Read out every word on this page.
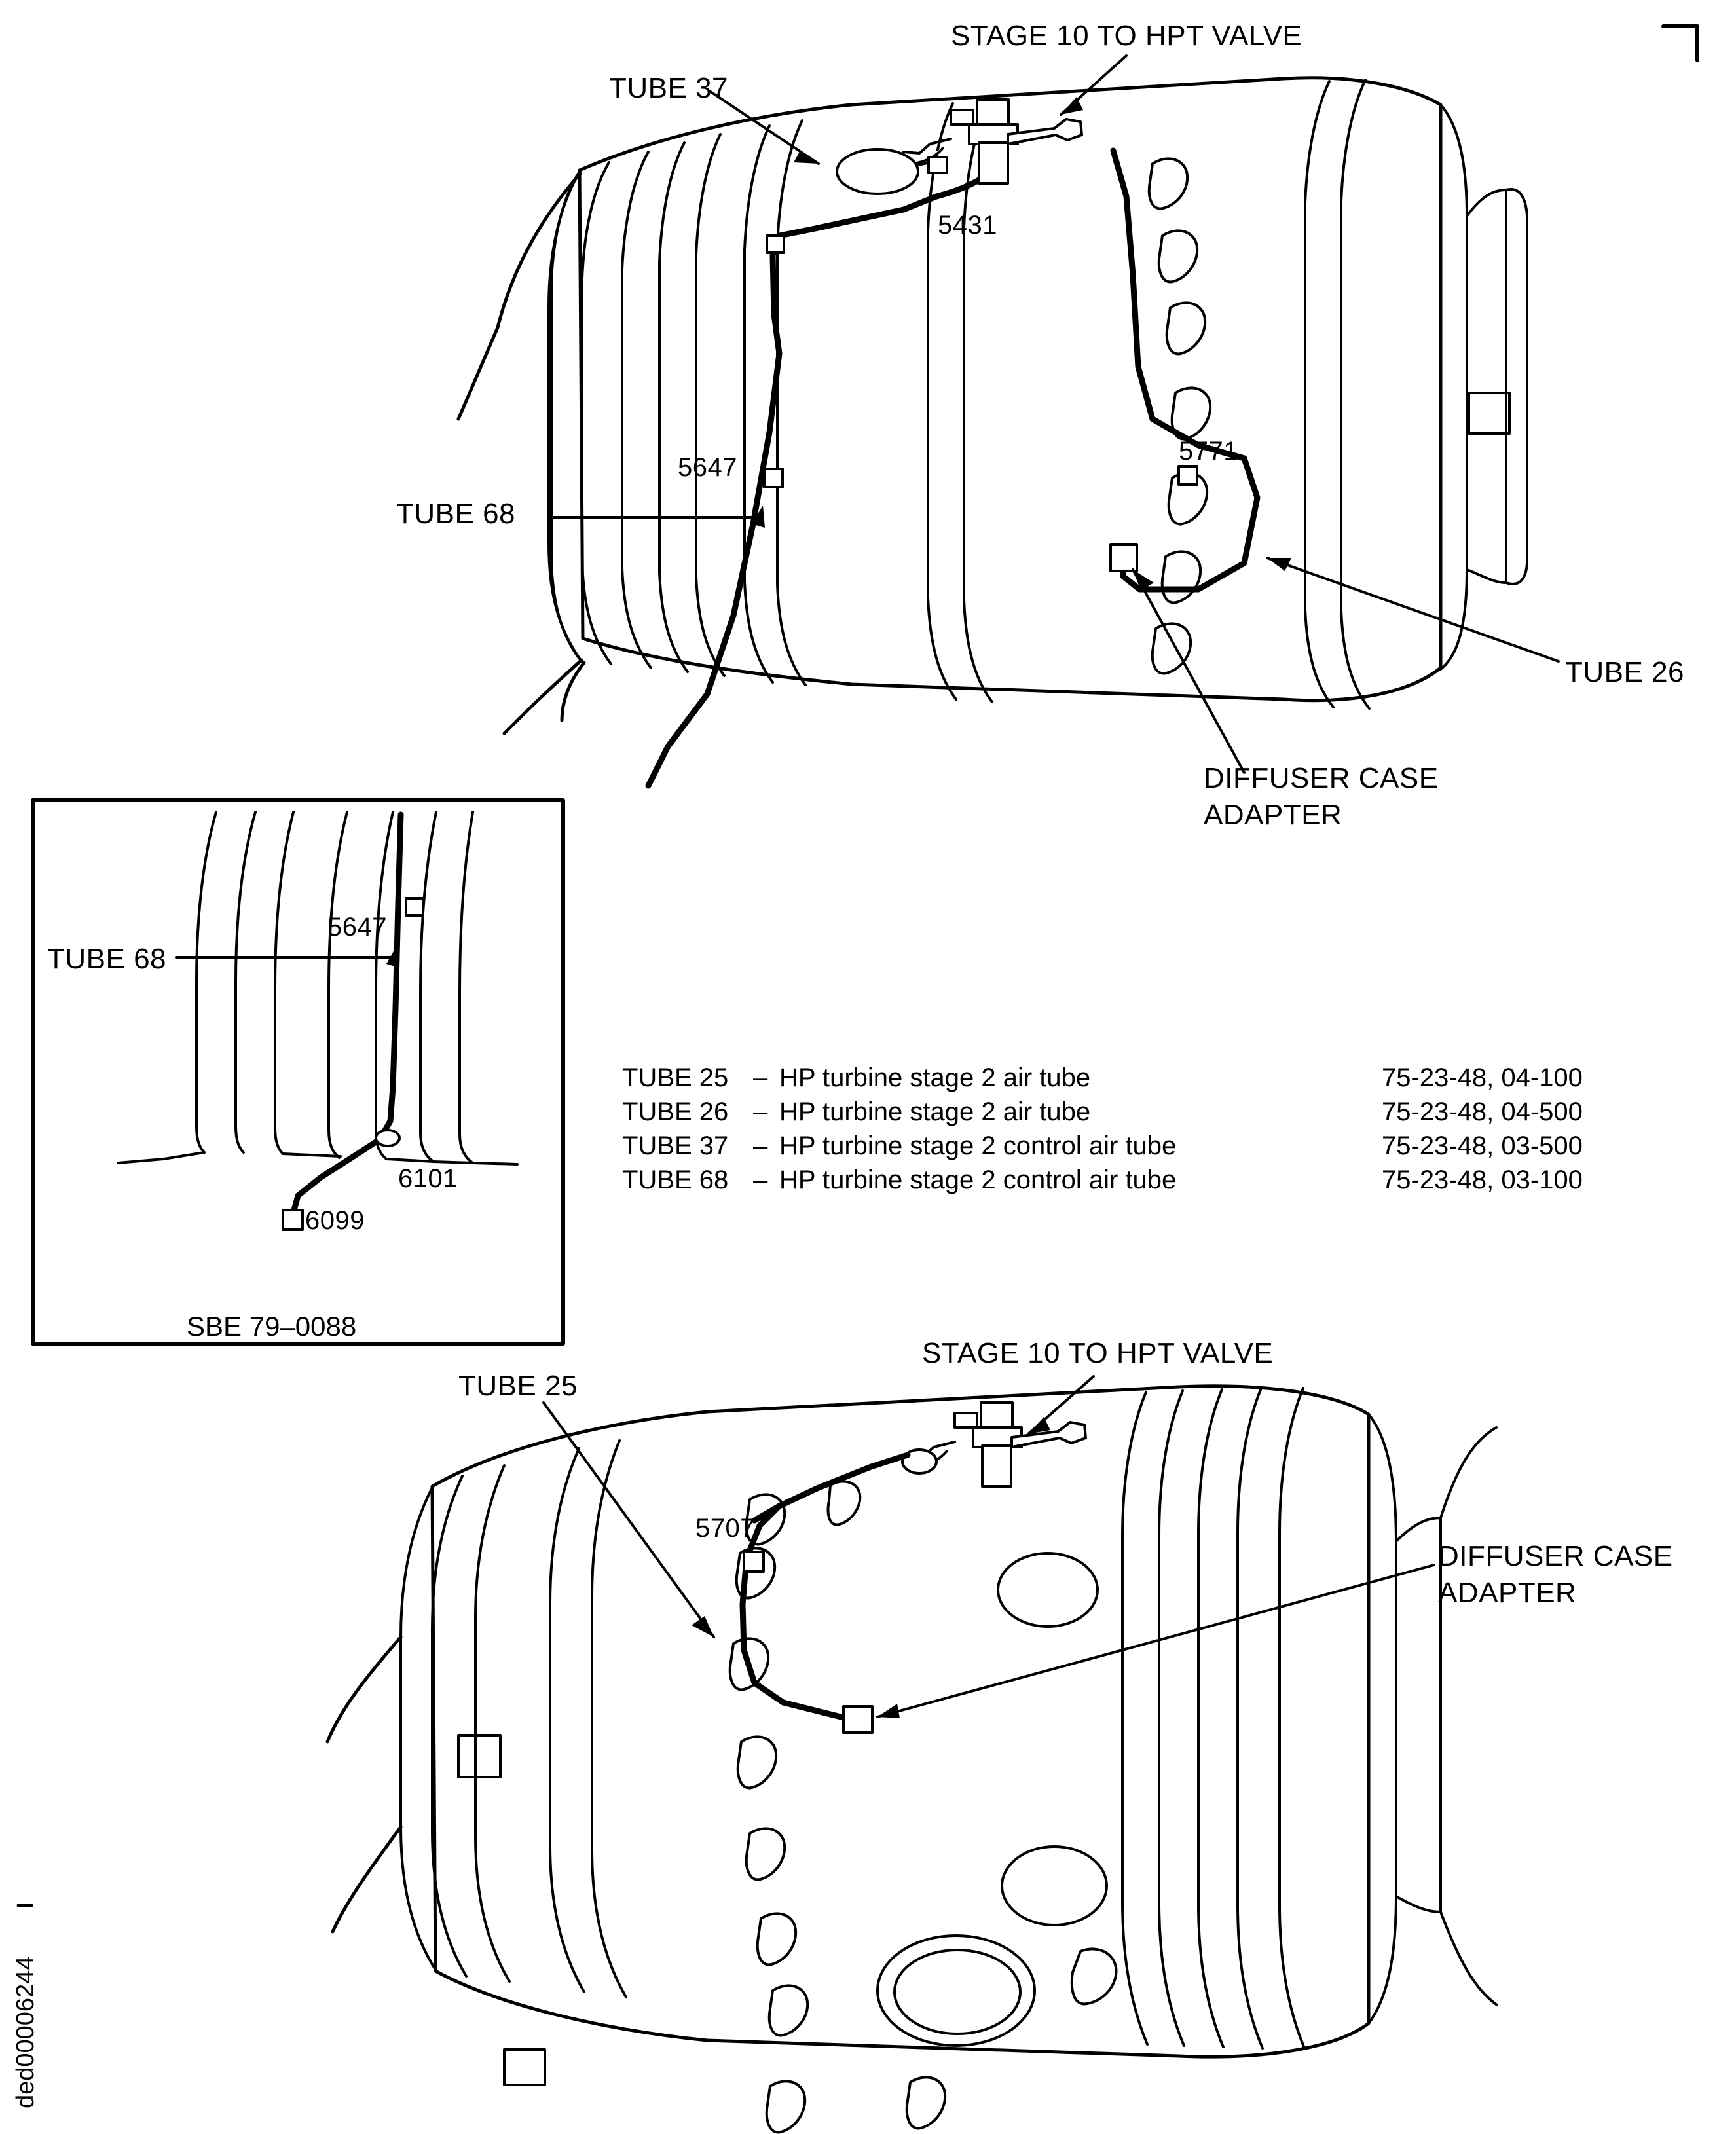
STAGE 10 TO HPT VALVE
TUBE 37
5431
5647
5771
TUBE 68
TUBE 26
DIFFUSER CASE
ADAPTER
TUBE 68
5647
6101
6099
SBE 79–0088
TUBE 25 – HP turbine stage 2 air tube	75-23-48, 04-100
TUBE 26 – HP turbine stage 2 air tube	75-23-48, 04-500
TUBE 37 – HP turbine stage 2 control air tube	75-23-48, 03-500
TUBE 68 – HP turbine stage 2 control air tube	75-23-48, 03-100
STAGE 10 TO HPT VALVE
TUBE 25
5707
DIFFUSER CASE
ADAPTER
ded00006244
